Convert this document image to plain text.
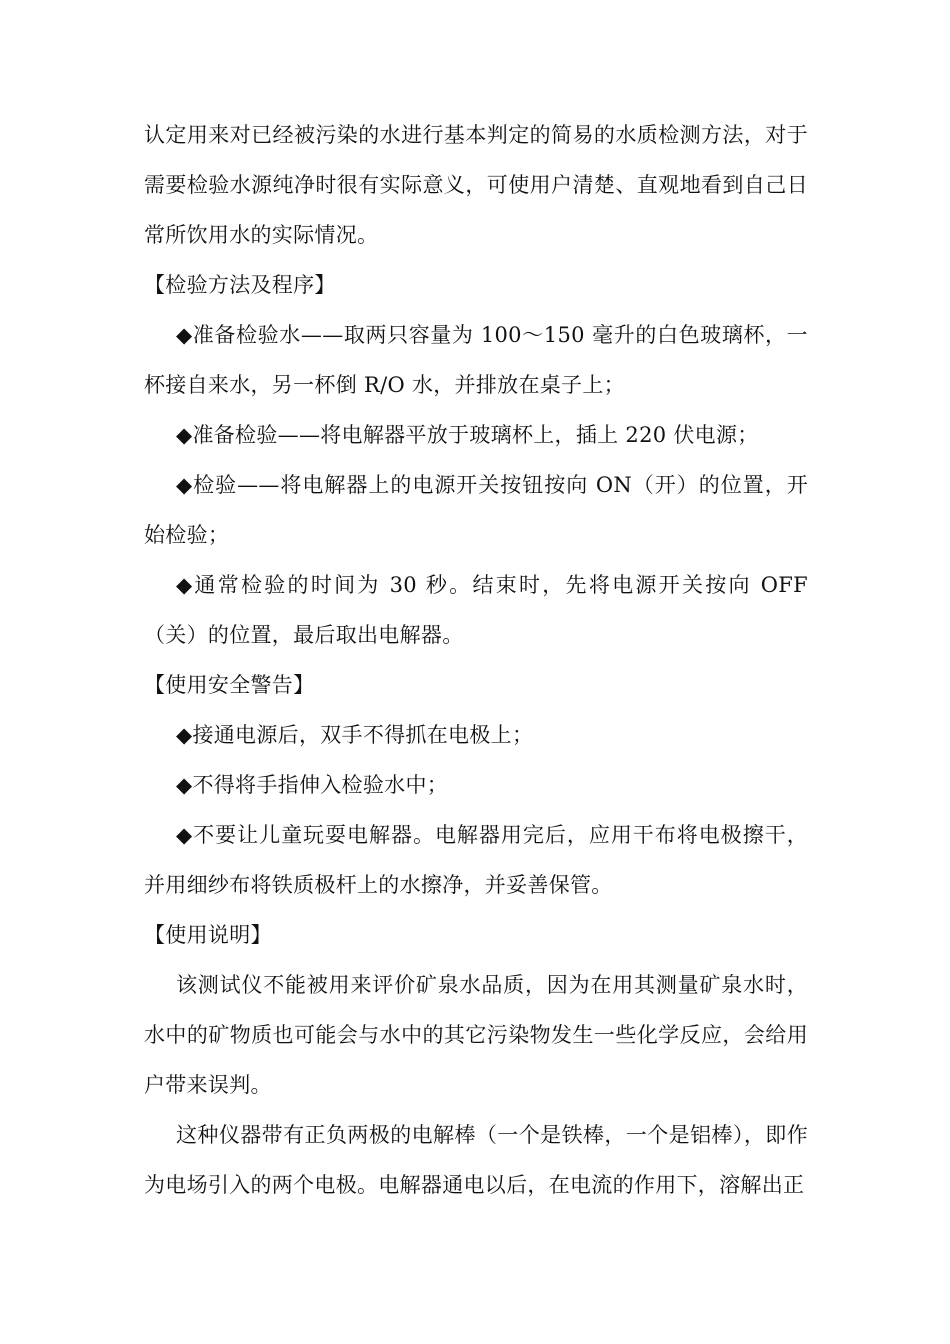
认定用来对已经被污染的水进行基本判定的简易的水质检测方法，对于需要检验水源纯净时很有实际意义，可使用户清楚、直观地看到自己日常所饮用水的实际情况。

【检验方法及程序】

◆准备检验水——取两只容量为 100～150 毫升的白色玻璃杯，一杯接自来水，另一杯倒 R/O 水，并排放在桌子上；

◆准备检验——将电解器平放于玻璃杯上，插上 220 伏电源；

◆检验——将电解器上的电源开关按钮按向 ON（开）的位置，开始检验；

◆通常检验的时间为 30 秒。结束时，先将电源开关按向 OFF（关）的位置，最后取出电解器。

【使用安全警告】

◆接通电源后，双手不得抓在电极上；

◆不得将手指伸入检验水中；

◆不要让儿童玩耍电解器。电解器用完后，应用干布将电极擦干，并用细纱布将铁质极杆上的水擦净，并妥善保管。

【使用说明】

该测试仪不能被用来评价矿泉水品质，因为在用其测量矿泉水时，水中的矿物质也可能会与水中的其它污染物发生一些化学反应，会给用户带来误判。

这种仪器带有正负两极的电解棒（一个是铁棒，一个是铝棒），即作为电场引入的两个电极。电解器通电以后，在电流的作用下，溶解出正
